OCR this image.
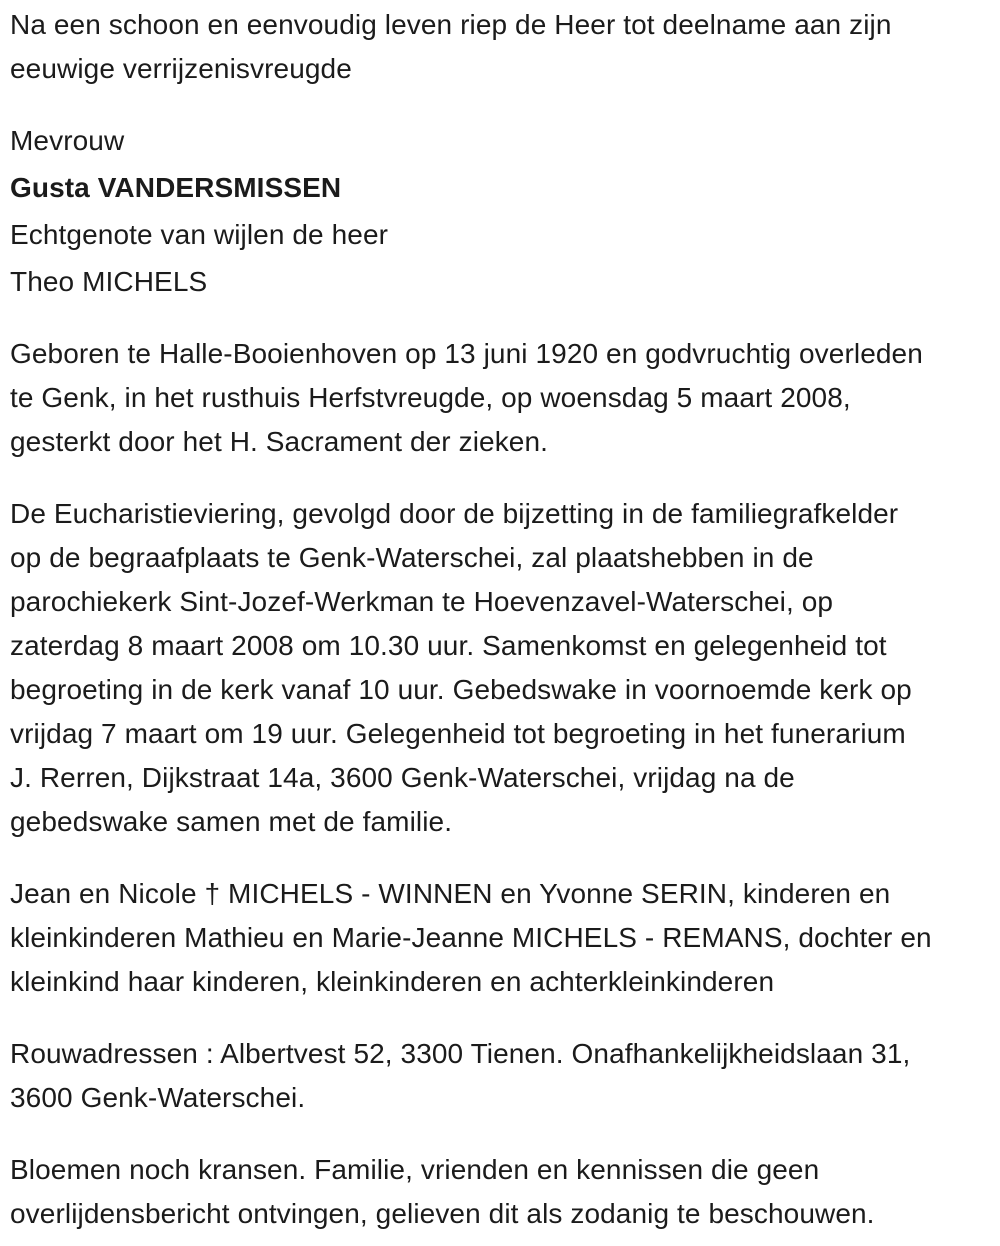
Na een schoon en eenvoudig leven riep de Heer tot deelname aan zijn
eeuwige verrijzenisvreugde

Mevrouw

Gusta VANDERSMISSEN

Echtgenote van wijlen de heer

Theo MICHELS

Geboren te Halle-Booienhoven op 13 juni 1920 en godvruchtig overleden
te Genk, in het rusthuis Herfstvreugde, op woensdag 5 maart 2008,
gesterkt door het H. Sacrament der zieken.

De Eucharistieviering, gevolgd door de bijzetting in de familiegrafkelder
op de begraafplaats te Genk-Waterschei, zal plaatshebben in de
parochiekerk Sint-Jozef-Werkman te Hoevenzavel-Waterschei, op
zaterdag 8 maart 2008 om 10.30 uur. Samenkomst en gelegenheid tot
begroeting in de kerk vanaf 10 uur. Gebedswake in voornoemde kerk op
vrijdag 7 maart om 19 uur. Gelegenheid tot begroeting in het funerarium
J. Rerren, Dijkstraat 14a, 3600 Genk-Waterschei, vrijdag na de
gebedswake samen met de familie.

Jean en Nicole † MICHELS - WINNEN en Yvonne SERIN, kinderen en
kleinkinderen Mathieu en Marie-Jeanne MICHELS - REMANS, dochter en
kleinkind haar kinderen, kleinkinderen en achterkleinkinderen

Rouwadressen : Albertvest 52, 3300 Tienen. Onafhankelijkheidslaan 31,
3600 Genk-Waterschei.

Bloemen noch kransen. Familie, vrienden en kennissen die geen
overlijdensbericht ontvingen, gelieven dit als zodanig te beschouwen.
